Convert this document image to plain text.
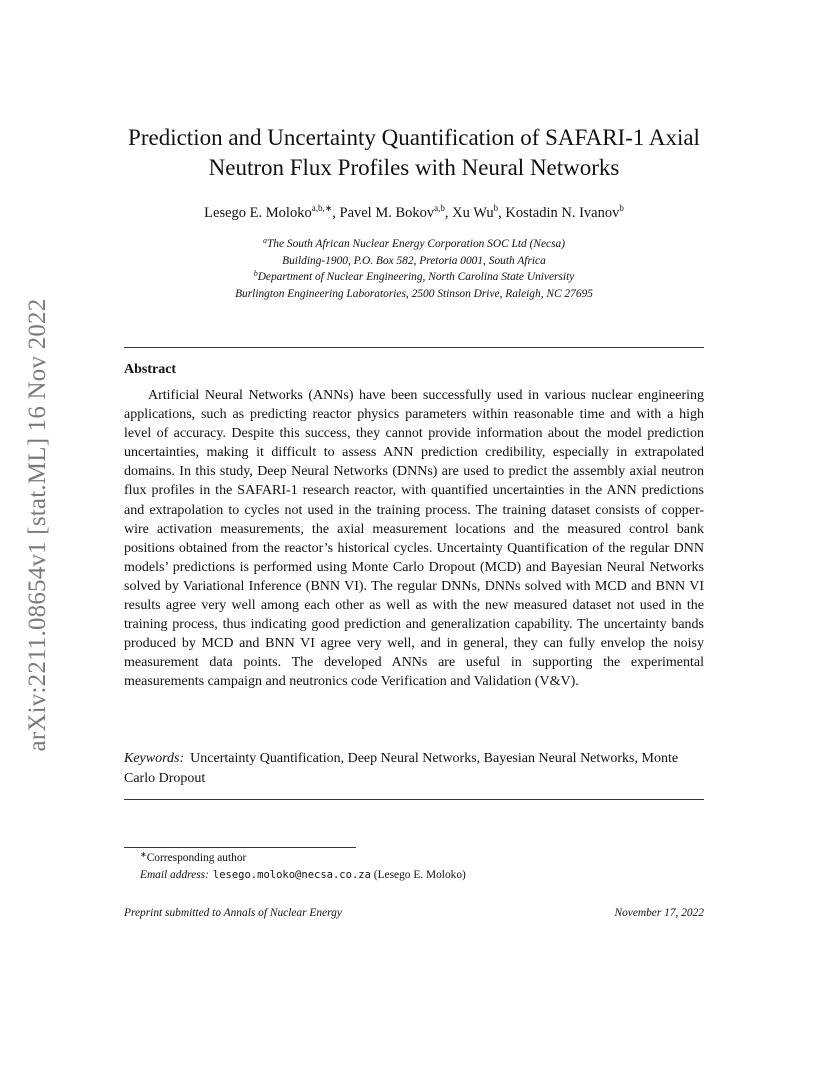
arXiv:2211.08654v1 [stat.ML] 16 Nov 2022
Prediction and Uncertainty Quantification of SAFARI-1 Axial
Neutron Flux Profiles with Neural Networks
Lesego E. Moloko$^{a,b,∗}$, Pavel M. Bokov$^{a,b}$, Xu Wu$^b$, Kostadin N. Ivanov$^b$
$^a$The South African Nuclear Energy Corporation SOC Ltd (Necsa)
Building-1900, P.O. Box 582, Pretoria 0001, South Africa
$^b$Department of Nuclear Engineering, North Carolina State University
Burlington Engineering Laboratories, 2500 Stinson Drive, Raleigh, NC 27695
Abstract
Artificial Neural Networks (ANNs) have been successfully used in various nuclear engineering applications, such as predicting reactor physics parameters within reasonable time and with a high level of accuracy. Despite this success, they cannot provide information about the model prediction uncertainties, making it difficult to assess ANN prediction credibility, especially in extrapolated domains. In this study, Deep Neural Networks (DNNs) are used to predict the assembly axial neutron flux profiles in the SAFARI-1 research reactor, with quantified uncertainties in the ANN predictions and extrapolation to cycles not used in the training process. The training dataset consists of copper-wire activation measurements, the axial measurement locations and the measured control bank positions obtained from the reactor’s historical cycles. Uncertainty Quantification of the regular DNN models’ predictions is performed using Monte Carlo Dropout (MCD) and Bayesian Neural Networks solved by Variational Inference (BNN VI). The regular DNNs, DNNs solved with MCD and BNN VI results agree very well among each other as well as with the new measured dataset not used in the training process, thus indicating good prediction and generalization capability. The uncertainty bands produced by MCD and BNN VI agree very well, and in general, they can fully envelop the noisy measurement data points. The developed ANNs are useful in supporting the experimental measurements campaign and neutronics code Verification and Validation (V&V).
Keywords: Uncertainty Quantification, Deep Neural Networks, Bayesian Neural Networks, Monte Carlo Dropout
∗Corresponding author
Email address: lesego.moloko@necsa.co.za (Lesego E. Moloko)
Preprint submitted to Annals of Nuclear Energy	November 17, 2022
